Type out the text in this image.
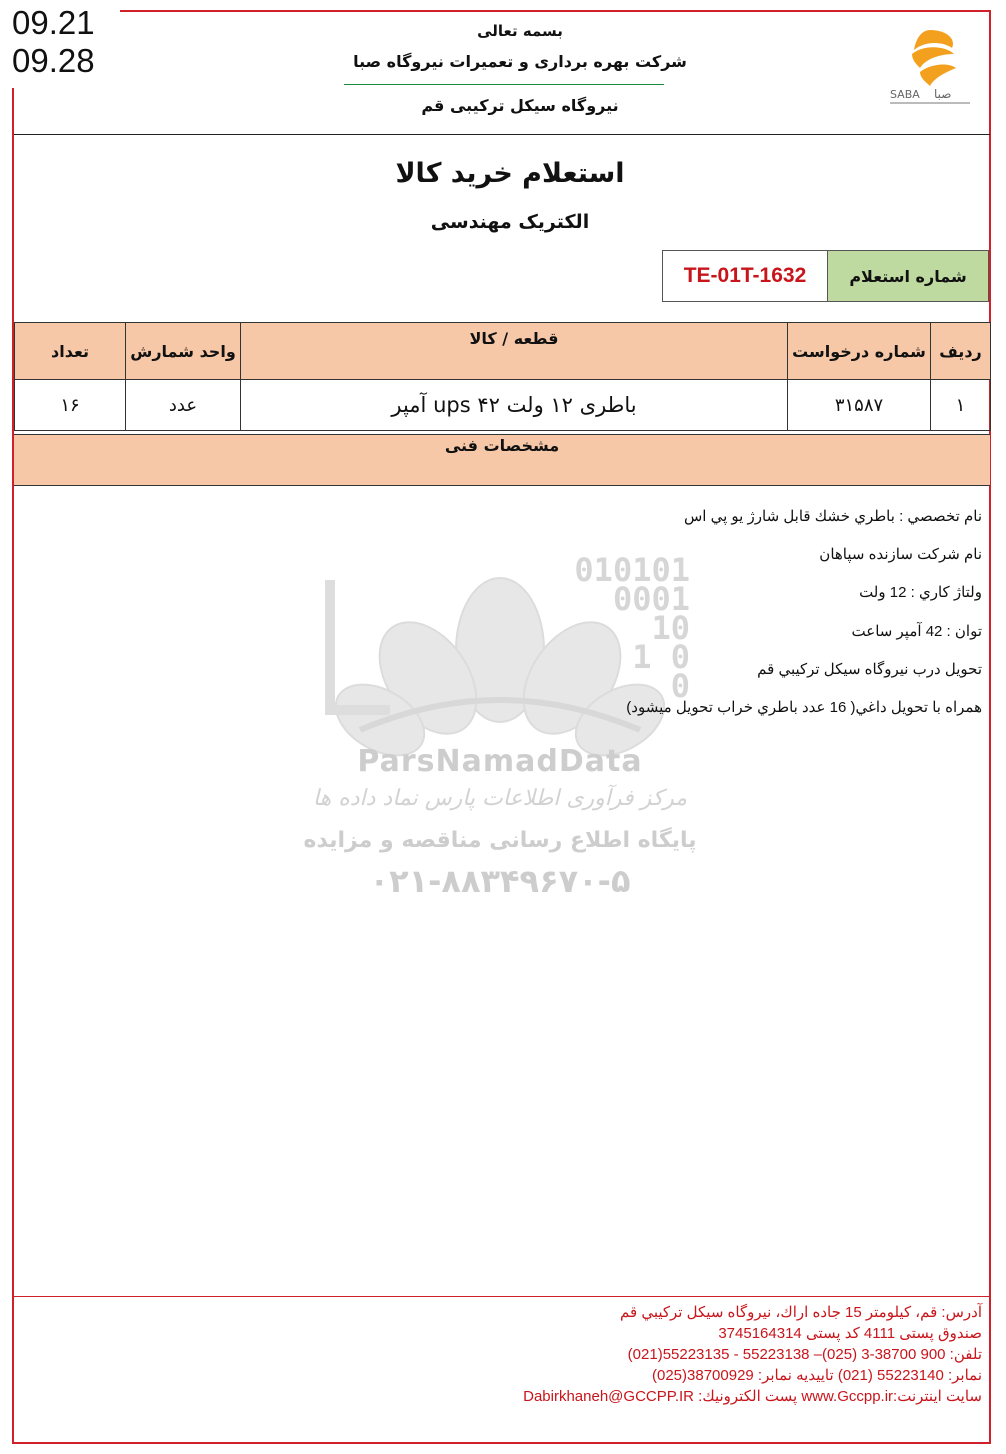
09.21
09.28
بسمه تعالی
شرکت بهره برداری و تعمیرات نیروگاه صبا
نیروگاه سیکل ترکیبی قم
SABA صبا
استعلام خرید کالا
الکتریک مهندسی
شماره استعلام
TE-01T-1632
ردیف	شماره درخواست	قطعه / کالا	واحد شمارش	تعداد
۱	۳۱۵۸۷	باطری ۱۲ ولت ups ۴۲ آمپر	عدد	۱۶
مشخصات فنی
010101
0001
10
1 0
0
ParsNamadData
مرکز فرآوری اطلاعات پارس نماد داده ها
پایگاه اطلاع رسانی مناقصه و مزایده
۰۲۱-۸۸۳۴۹۶۷۰-۵
نام تخصصي : باطري خشك قابل شارژ يو پي اس
نام شركت سازنده سپاهان
ولتاژ كاري : 12 ولت
توان : 42 آمپر ساعت
تحويل درب نيروگاه سيكل تركيبي قم
همراه با تحويل داغي( 16 عدد باطري خراب تحويل ميشود)
آدرس: قم، كيلومتر 15 جاده اراك، نيروگاه سيكل تركيبي قم
صندوق پستی 4111 کد پستی 3745164314
تلفن: 900 38700-3 (025)– 55223138 - 55223135(021)
نمابر: 55223140 (021) تاييديه نمابر: 38700929(025)
سايت اينترنت:www.Gccpp.ir پست الکترونیك: Dabirkhaneh@GCCPP.IR
